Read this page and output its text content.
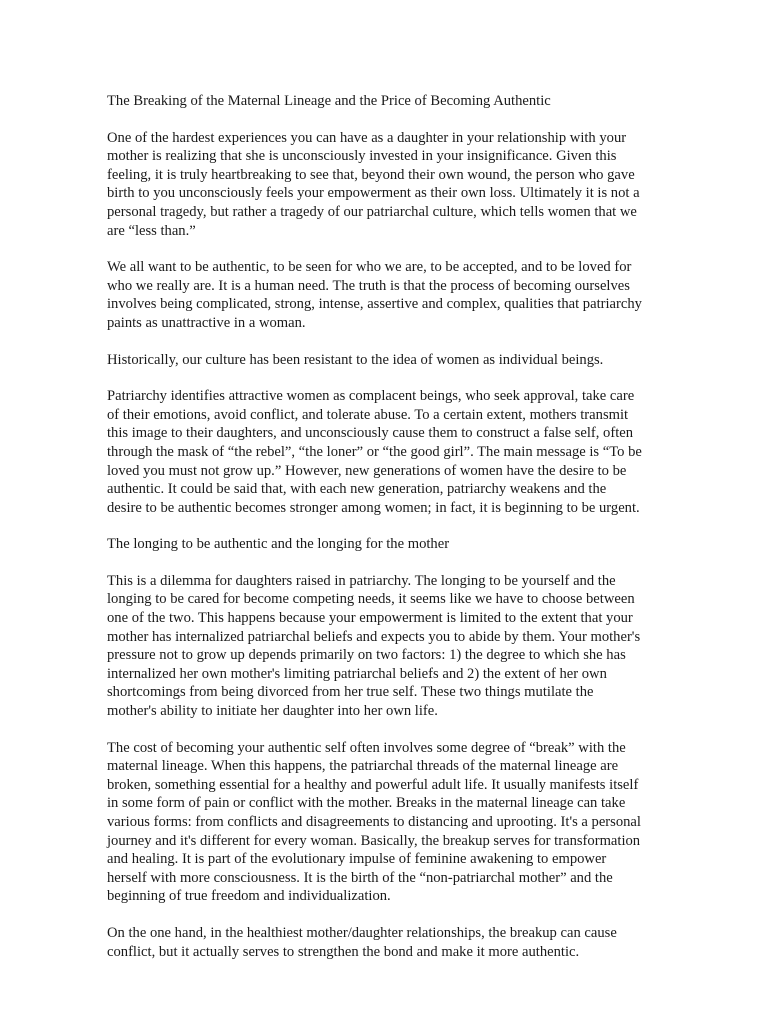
The Breaking of the Maternal Lineage and the Price of Becoming Authentic
One of the hardest experiences you can have as a daughter in your relationship with your
mother is realizing that she is unconsciously invested in your insignificance. Given this
feeling, it is truly heartbreaking to see that, beyond their own wound, the person who gave
birth to you unconsciously feels your empowerment as their own loss. Ultimately it is not a
personal tragedy, but rather a tragedy of our patriarchal culture, which tells women that we
are “less than.”
We all want to be authentic, to be seen for who we are, to be accepted, and to be loved for
who we really are. It is a human need. The truth is that the process of becoming ourselves
involves being complicated, strong, intense, assertive and complex, qualities that patriarchy
paints as unattractive in a woman.
Historically, our culture has been resistant to the idea of women as individual beings.
Patriarchy identifies attractive women as complacent beings, who seek approval, take care
of their emotions, avoid conflict, and tolerate abuse. To a certain extent, mothers transmit
this image to their daughters, and unconsciously cause them to construct a false self, often
through the mask of “the rebel”, “the loner” or “the good girl”. The main message is “To be
loved you must not grow up.” However, new generations of women have the desire to be
authentic. It could be said that, with each new generation, patriarchy weakens and the
desire to be authentic becomes stronger among women; in fact, it is beginning to be urgent.
The longing to be authentic and the longing for the mother
This is a dilemma for daughters raised in patriarchy. The longing to be yourself and the
longing to be cared for become competing needs, it seems like we have to choose between
one of the two. This happens because your empowerment is limited to the extent that your
mother has internalized patriarchal beliefs and expects you to abide by them. Your mother's
pressure not to grow up depends primarily on two factors: 1) the degree to which she has
internalized her own mother's limiting patriarchal beliefs and 2) the extent of her own
shortcomings from being divorced from her true self. These two things mutilate the
mother's ability to initiate her daughter into her own life.
The cost of becoming your authentic self often involves some degree of “break” with the
maternal lineage. When this happens, the patriarchal threads of the maternal lineage are
broken, something essential for a healthy and powerful adult life. It usually manifests itself
in some form of pain or conflict with the mother. Breaks in the maternal lineage can take
various forms: from conflicts and disagreements to distancing and uprooting. It's a personal
journey and it's different for every woman. Basically, the breakup serves for transformation
and healing. It is part of the evolutionary impulse of feminine awakening to empower
herself with more consciousness. It is the birth of the “non-patriarchal mother” and the
beginning of true freedom and individualization.
On the one hand, in the healthiest mother/daughter relationships, the breakup can cause
conflict, but it actually serves to strengthen the bond and make it more authentic.
